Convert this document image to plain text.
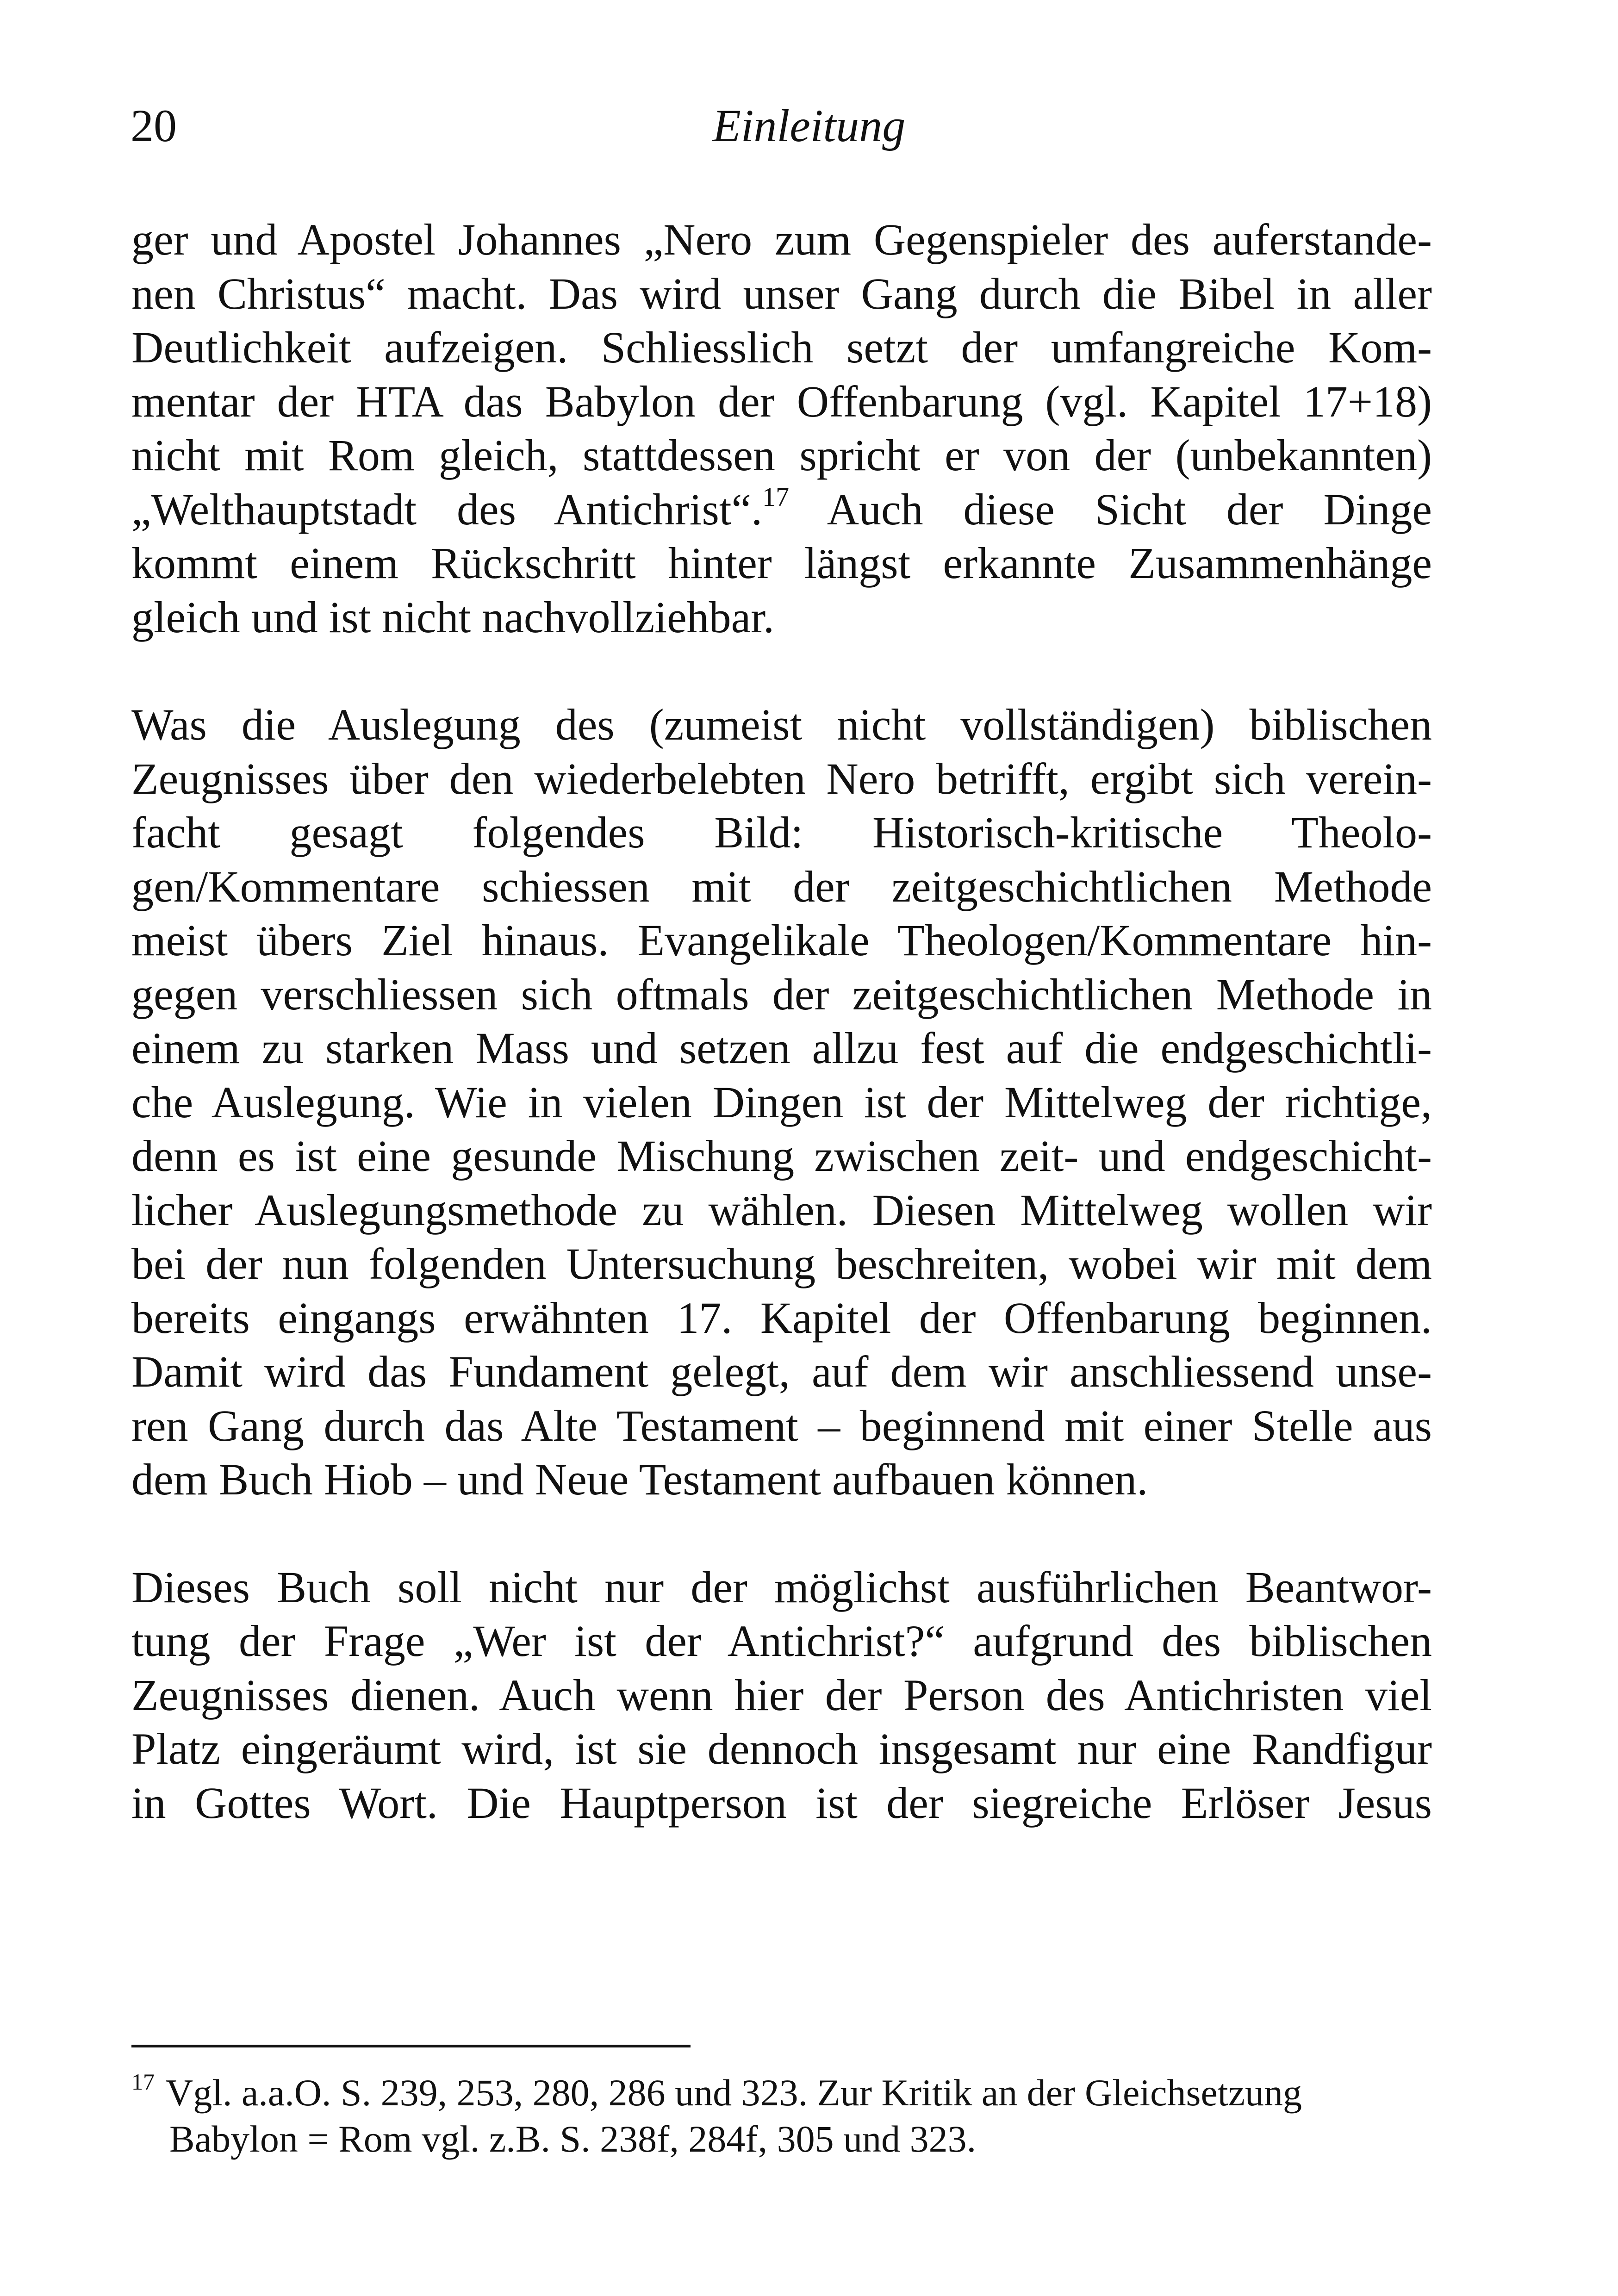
20	Einleitung

ger und Apostel Johannes „Nero zum Gegenspieler des auferstande-
nen Christus“ macht. Das wird unser Gang durch die Bibel in aller
Deutlichkeit aufzeigen. Schliesslich setzt der umfangreiche Kom-
mentar der HTA das Babylon der Offenbarung (vgl. Kapitel 17+18)
nicht mit Rom gleich, stattdessen spricht er von der (unbekannten)
„Welthauptstadt des Antichrist“.$^{17}$ Auch diese Sicht der Dinge
kommt einem Rückschritt hinter längst erkannte Zusammenhänge
gleich und ist nicht nachvollziehbar.

Was die Auslegung des (zumeist nicht vollständigen) biblischen
Zeugnisses über den wiederbelebten Nero betrifft, ergibt sich verein-
facht gesagt folgendes Bild: Historisch-kritische Theolo-
gen/Kommentare schiessen mit der zeitgeschichtlichen Methode
meist übers Ziel hinaus. Evangelikale Theologen/Kommentare hin-
gegen verschliessen sich oftmals der zeitgeschichtlichen Methode in
einem zu starken Mass und setzen allzu fest auf die endgeschichtli-
che Auslegung. Wie in vielen Dingen ist der Mittelweg der richtige,
denn es ist eine gesunde Mischung zwischen zeit- und endgeschicht-
licher Auslegungsmethode zu wählen. Diesen Mittelweg wollen wir
bei der nun folgenden Untersuchung beschreiten, wobei wir mit dem
bereits eingangs erwähnten 17. Kapitel der Offenbarung beginnen.
Damit wird das Fundament gelegt, auf dem wir anschliessend unse-
ren Gang durch das Alte Testament – beginnend mit einer Stelle aus
dem Buch Hiob – und Neue Testament aufbauen können.

Dieses Buch soll nicht nur der möglichst ausführlichen Beantwor-
tung der Frage „Wer ist der Antichrist?“ aufgrund des biblischen
Zeugnisses dienen. Auch wenn hier der Person des Antichristen viel
Platz eingeräumt wird, ist sie dennoch insgesamt nur eine Randfigur
in Gottes Wort. Die Hauptperson ist der siegreiche Erlöser Jesus

$^{17}$ Vgl. a.a.O. S. 239, 253, 280, 286 und 323. Zur Kritik an der Gleichsetzung
Babylon = Rom vgl. z.B. S. 238f, 284f, 305 und 323.
